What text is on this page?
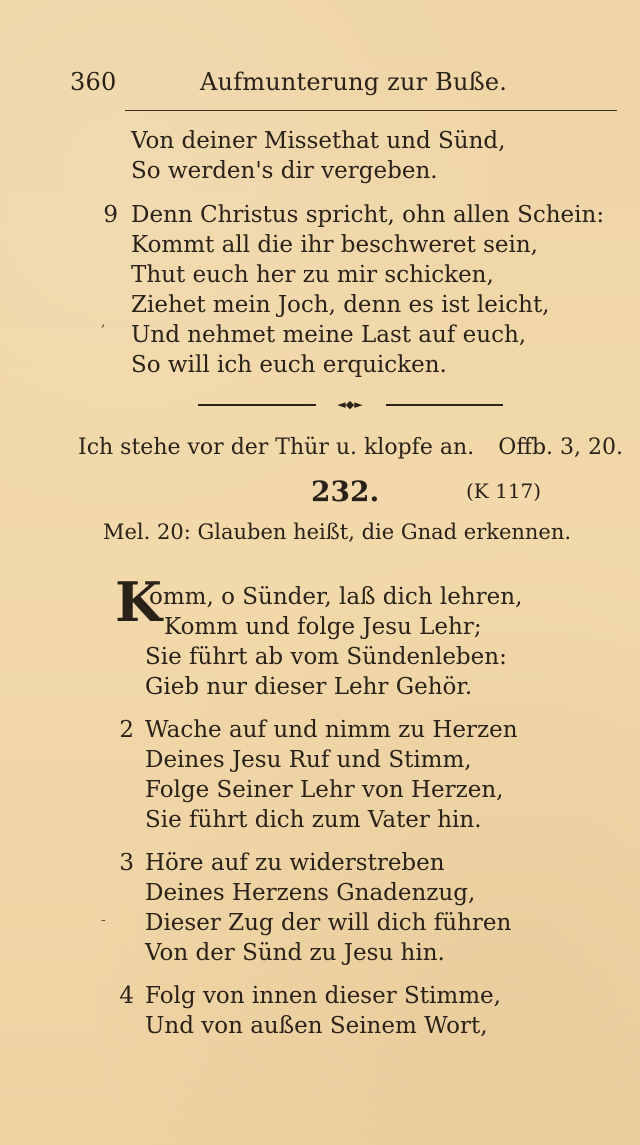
360	Aufmunterung zur Buße.
Von deiner Missethat und Sünd,
So werden's dir vergeben.
9 Denn Christus spricht, ohn allen Schein:
Kommt all die ihr beschweret sein,
Thut euch her zu mir schicken,
Ziehet mein Joch, denn es ist leicht,
Und nehmet meine Last auf euch,
So will ich euch erquicken.
,
◄◆►
Ich stehe vor der Thür u. klopfe an. Offb. 3, 20.
232.	(K 117)
Mel. 20: Glauben heißt, die Gnad erkennen.
K
omm, o Sünder, laß dich lehren,
Komm und folge Jesu Lehr;
Sie führt ab vom Sündenleben:
Gieb nur dieser Lehr Gehör.
2 Wache auf und nimm zu Herzen
Deines Jesu Ruf und Stimm,
Folge Seiner Lehr von Herzen,
Sie führt dich zum Vater hin.
3 Höre auf zu widerstreben
Deines Herzens Gnadenzug,
Dieser Zug der will dich führen
Von der Sünd zu Jesu hin.
-
4 Folg von innen dieser Stimme,
Und von außen Seinem Wort,
